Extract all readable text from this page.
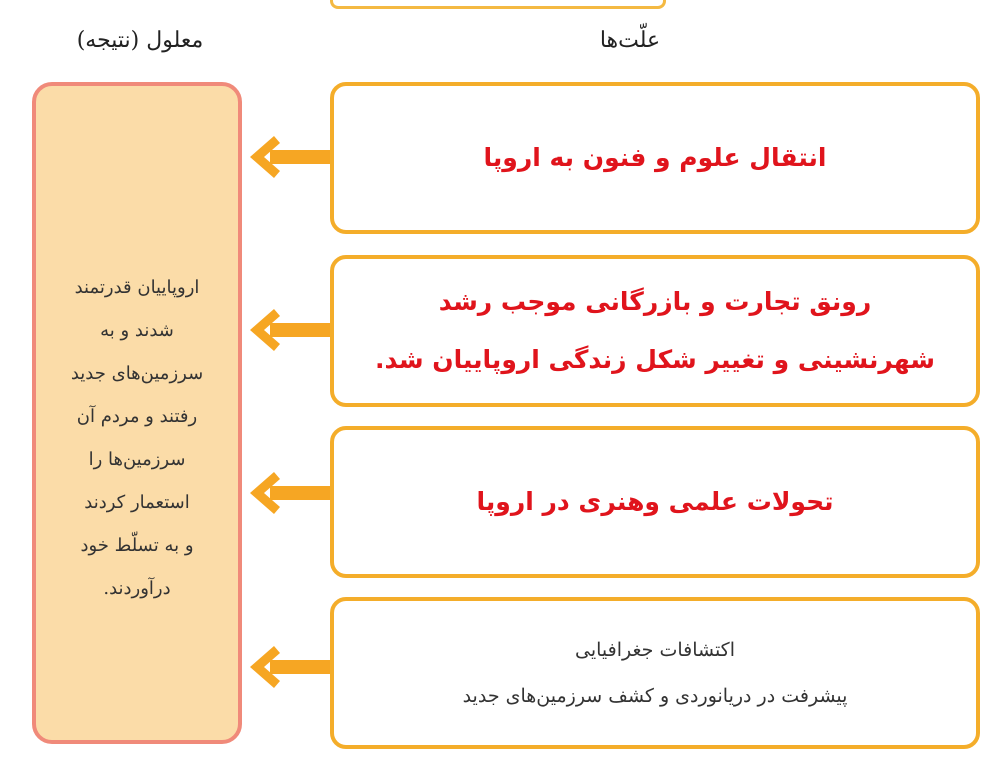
علّت‌ها
معلول (نتیجه)
اروپاییان قدرتمند
شدند و به
سرزمین‌های جدید
رفتند و مردم آن
سرزمین‌ها را
استعمار کردند
و به تسلّط خود
درآوردند.
انتقال علوم و فنون به اروپا
رونق تجارت و بازرگانی موجب رشد
شهرنشینی و تغییر شکل زندگی اروپاییان شد.
تحولات علمی وهنری در اروپا
اکتشافات جغرافیایی
پیشرفت در دریانوردی و کشف سرزمین‌های جدید
